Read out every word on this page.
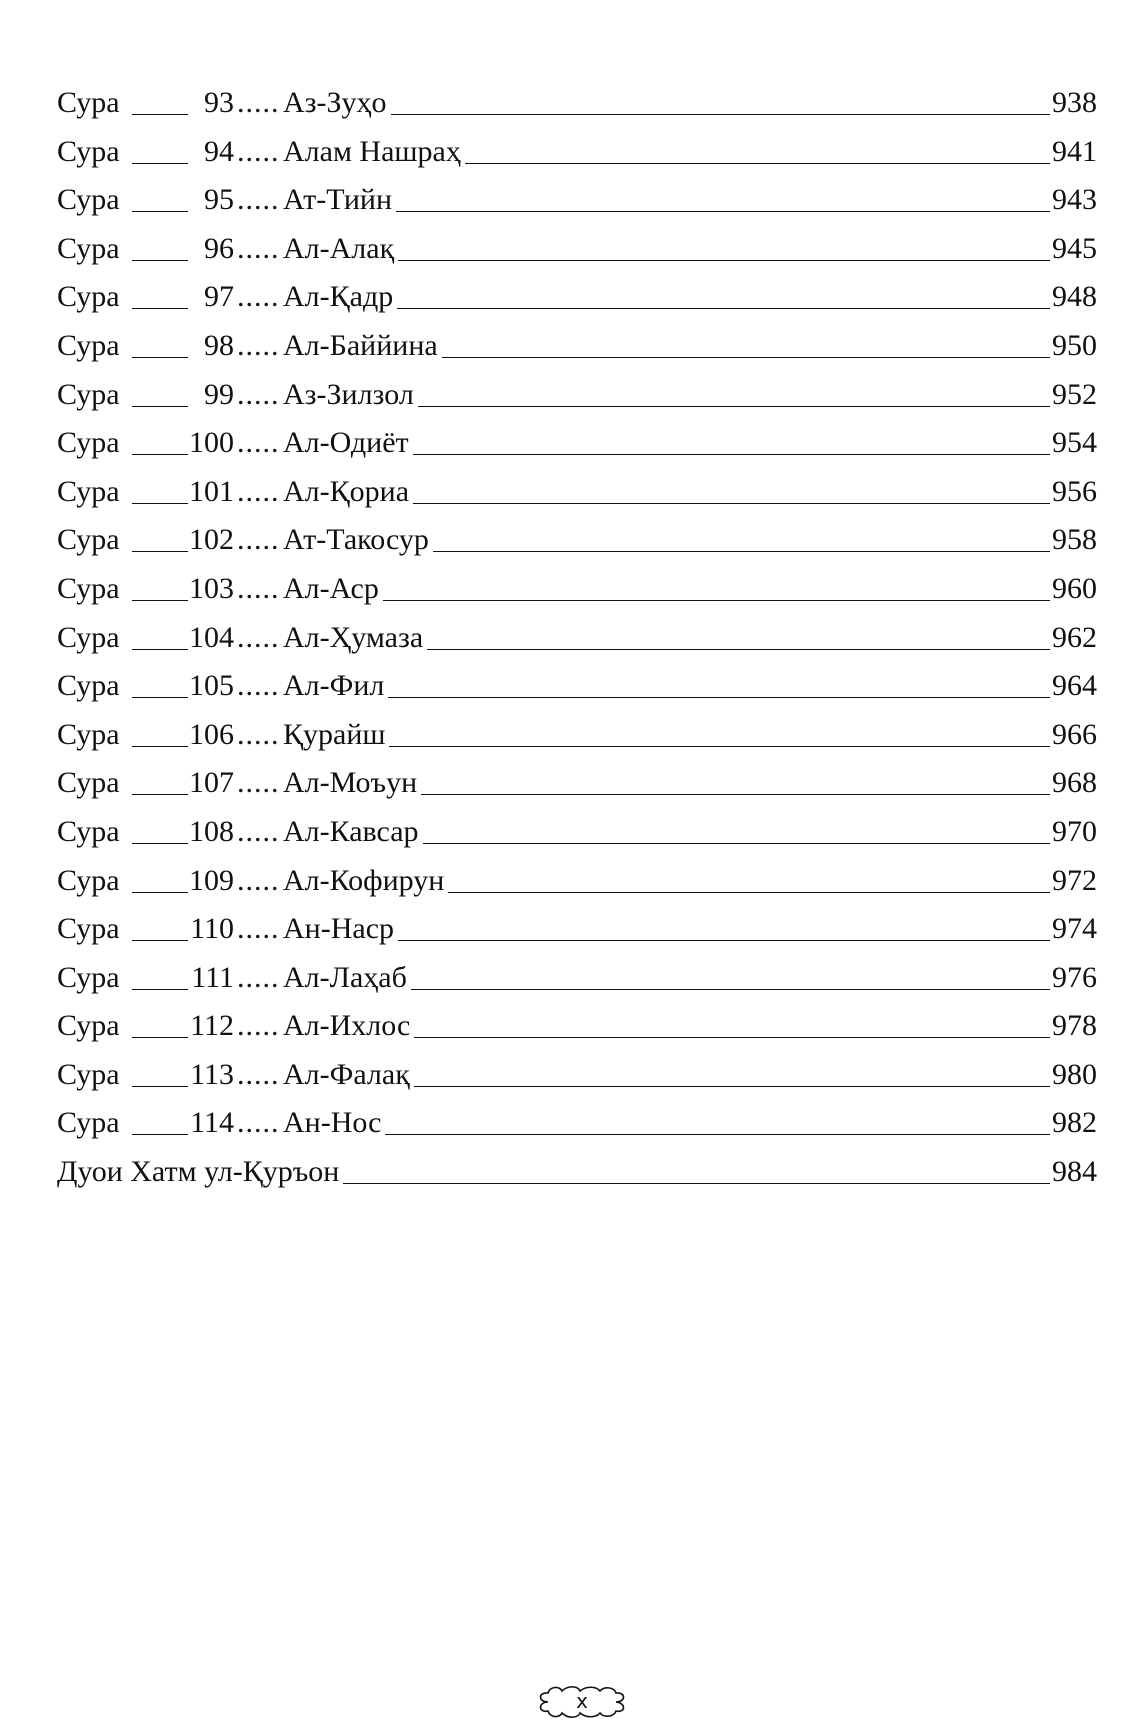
Сура	93 ..... Аз-Зуҳо	938
Сура	94 ..... Алам Нашраҳ	941
Сура	95 ..... Ат-Тийн	943
Сура	96 ..... Ал-Алақ	945
Сура	97 ..... Ал-Қадр	948
Сура	98 ..... Ал-Баййина	950
Сура	99 ..... Аз-Зилзол	952
Сура 100 ..... Ал-Одиёт	954
Сура 101 ..... Ал-Қориа	956
Сура 102 ..... Ат-Такосур	958
Сура 103 ..... Ал-Аср	960
Сура 104 ..... Ал-Ҳумаза	962
Сура 105 ..... Ал-Фил	964
Сура 106 ..... Қурайш	966
Сура 107 ..... Ал-Моъун	968
Сура 108 ..... Ал-Кавсар	970
Сура 109 ..... Ал-Кофирун	972
Сура 110 ..... Ан-Наср	974
Сура 111 ..... Ал-Лаҳаб	976
Сура 112 ..... Ал-Ихлос	978
Сура 113 ..... Ал-Фалақ	980
Сура 114 ..... Ан-Нос	982
Дуои Хатм ул-Қуръон	984
x
